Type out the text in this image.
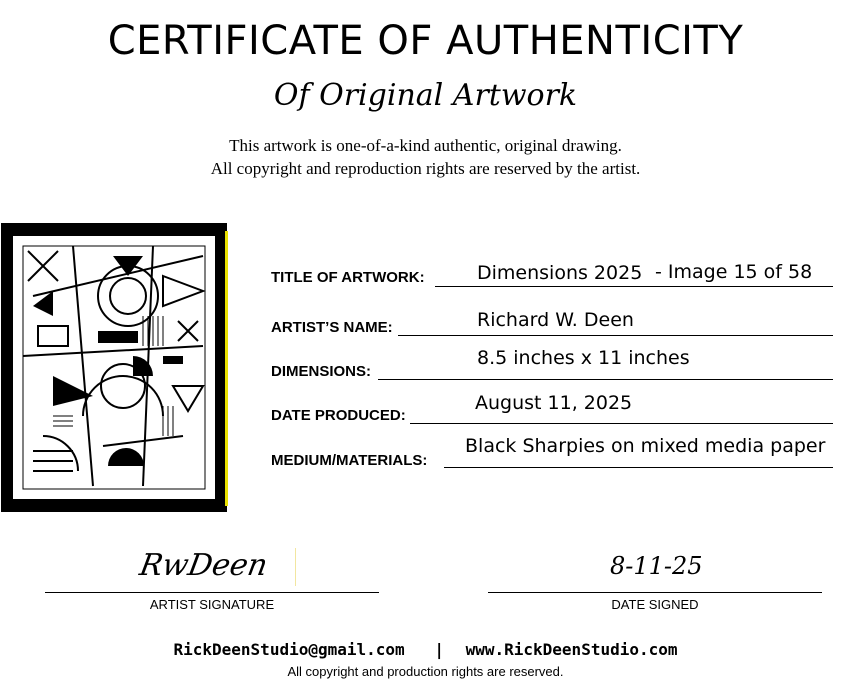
CERTIFICATE OF AUTHENTICITY
Of Original Artwork
This artwork is one-of-a-kind authentic, original drawing.
All copyright and reproduction rights are reserved by the artist.
TITLE OF ARTWORK:	Dimensions 2025 - Image 15 of 58
ARTIST’S NAME:	Richard W. Deen
DIMENSIONS:
8.5 inches x 11 inches
DATE PRODUCED:
August 11, 2025
MEDIUM/MATERIALS:
Black Sharpies on mixed media paper
RwDeen
ARTIST SIGNATURE
8-11-25
DATE SIGNED
RickDeenStudio@gmail.com | www.RickDeenStudio.com
All copyright and production rights are reserved.
